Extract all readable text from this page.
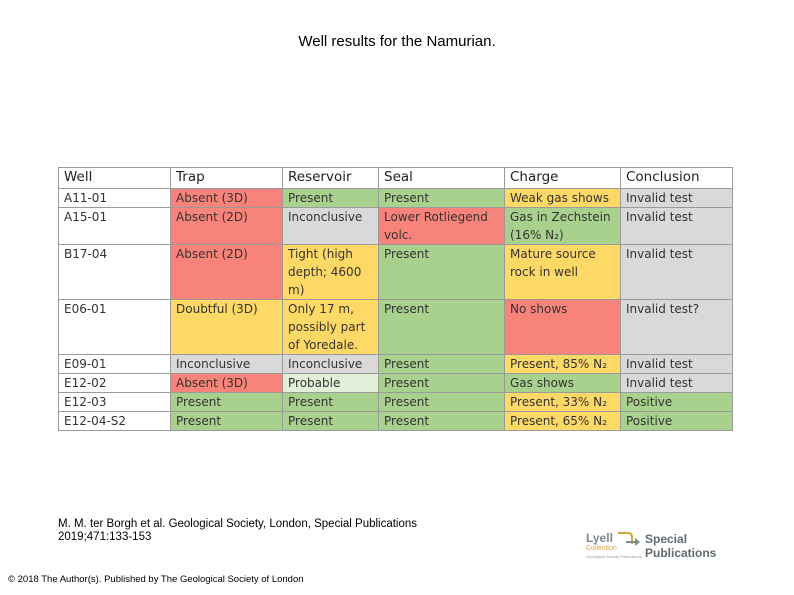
Well results for the Namurian.
Well	Trap	Reservoir	Seal	Charge	Conclusion
A11-01	Absent (3D)	Present	Present	Weak gas shows	Invalid test
A15-01	Absent (2D)	Inconclusive	Lower Rotliegend volc.	Gas in Zechstein (16% N₂)	Invalid test
B17-04	Absent (2D)	Tight (high depth; 4600 m)	Present	Mature source rock in well	Invalid test
E06-01	Doubtful (3D)	Only 17 m, possibly part of Yoredale.	Present	No shows	Invalid test?
E09-01	Inconclusive	Inconclusive	Present	Present, 85% N₂	Invalid test
E12-02	Absent (3D)	Probable	Present	Gas shows	Invalid test
E12-03	Present	Present	Present	Present, 33% N₂	Positive
E12-04-S2	Present	Present	Present	Present, 65% N₂	Positive
M. M. ter Borgh et al. Geological Society, London, Special Publications 2019;471:133-153
© 2018 The Author(s). Published by The Geological Society of London
Lyell
Collection
Geological Society Publications
Special Publications
